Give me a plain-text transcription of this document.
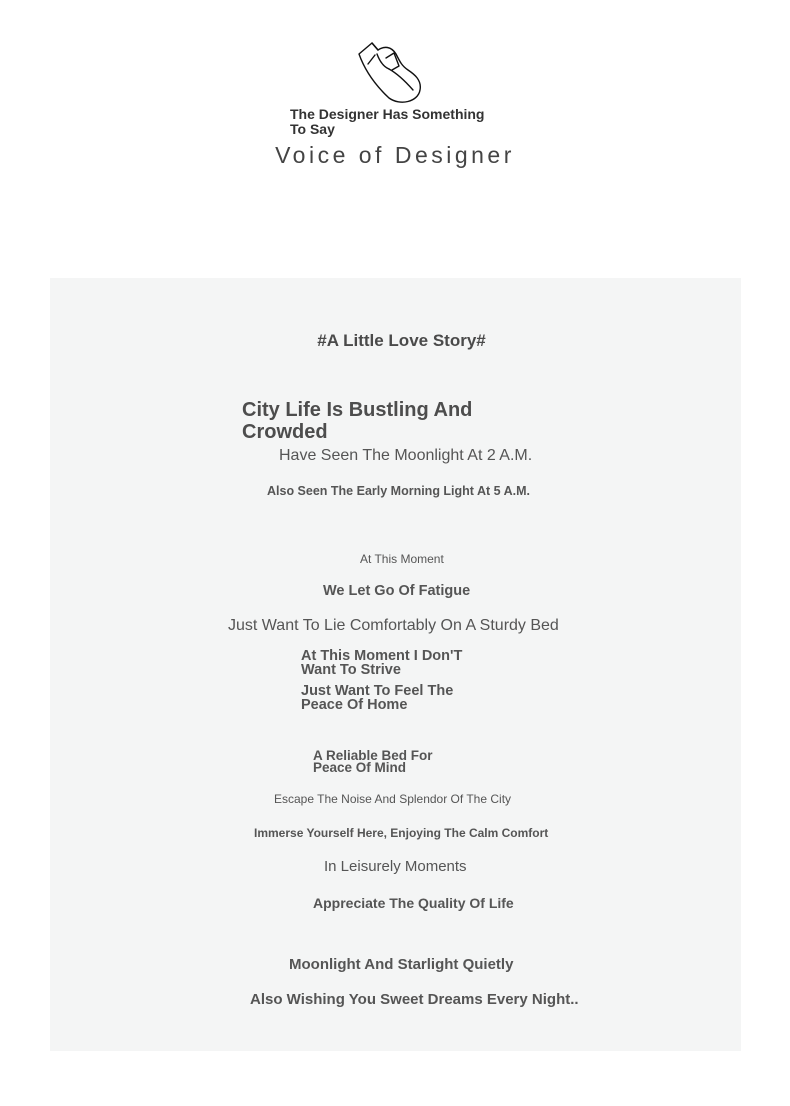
The Designer Has Something To Say

Voice of Designer
#A Little Love Story#

City Life Is Bustling And Crowded

Have Seen The Moonlight At 2 A.M.

Also Seen The Early Morning Light At 5 A.M.

At This Moment

We Let Go Of Fatigue

Just Want To Lie Comfortably On A Sturdy Bed

At This Moment I Don'T Want To Strive

Just Want To Feel The Peace Of Home

A Reliable Bed For Peace Of Mind

Escape The Noise And Splendor Of The City

Immerse Yourself Here, Enjoying The Calm Comfort

In Leisurely Moments

Appreciate The Quality Of Life

Moonlight And Starlight Quietly

Also Wishing You Sweet Dreams Every Night..
